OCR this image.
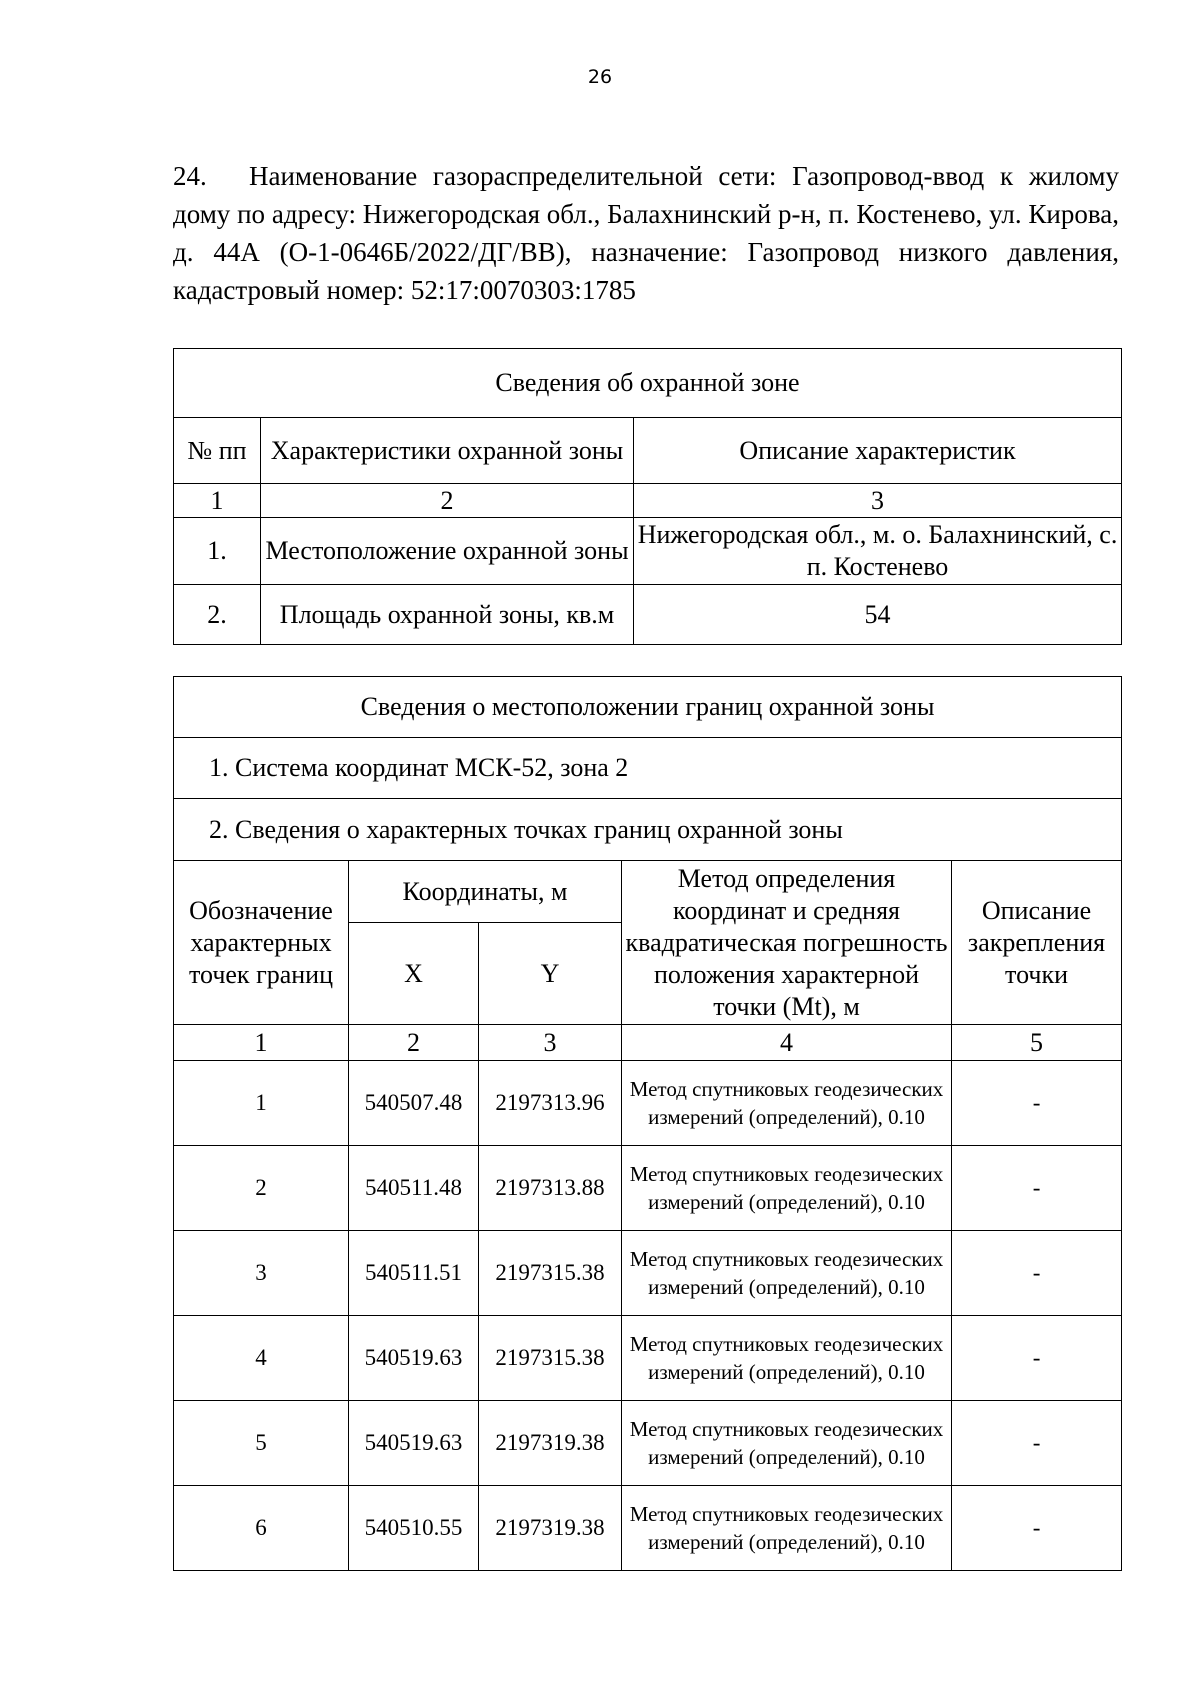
26

24. Наименование газораспределительной сети: Газопровод-ввод к жилому дому по адресу: Нижегородская обл., Балахнинский р-н, п. Костенево, ул. Кирова, д. 44А (О-1-0646Б/2022/ДГ/ВВ), назначение: Газопровод низкого давления, кадастровый номер: 52:17:0070303:1785

Сведения об охранной зоне		
№ пп	Характеристики охранной зоны	Описание характеристик
1	2	3
1.	Местоположение охранной зоны	Нижегородская обл., м. о. Балахнинский, с. п. Костенево
2.	Площадь охранной зоны, кв.м	54
Сведения о местоположении границ охранной зоны				
1. Система координат МСК-52, зона 2				
2. Сведения о характерных точках границ охранной зоны				
Обозначение характерных точек границ	Координаты, м		Метод определения координат и средняя квадратическая погрешность положения характерной точки (Mt), м	Описание закрепления точки
	X	Y		
1	2	3	4	5
1	540507.48	2197313.96	Метод спутниковых геодезических измерений (определений), 0.10	-
2	540511.48	2197313.88	Метод спутниковых геодезических измерений (определений), 0.10	-
3	540511.51	2197315.38	Метод спутниковых геодезических измерений (определений), 0.10	-
4	540519.63	2197315.38	Метод спутниковых геодезических измерений (определений), 0.10	-
5	540519.63	2197319.38	Метод спутниковых геодезических измерений (определений), 0.10	-
6	540510.55	2197319.38	Метод спутниковых геодезических измерений (определений), 0.10	-
